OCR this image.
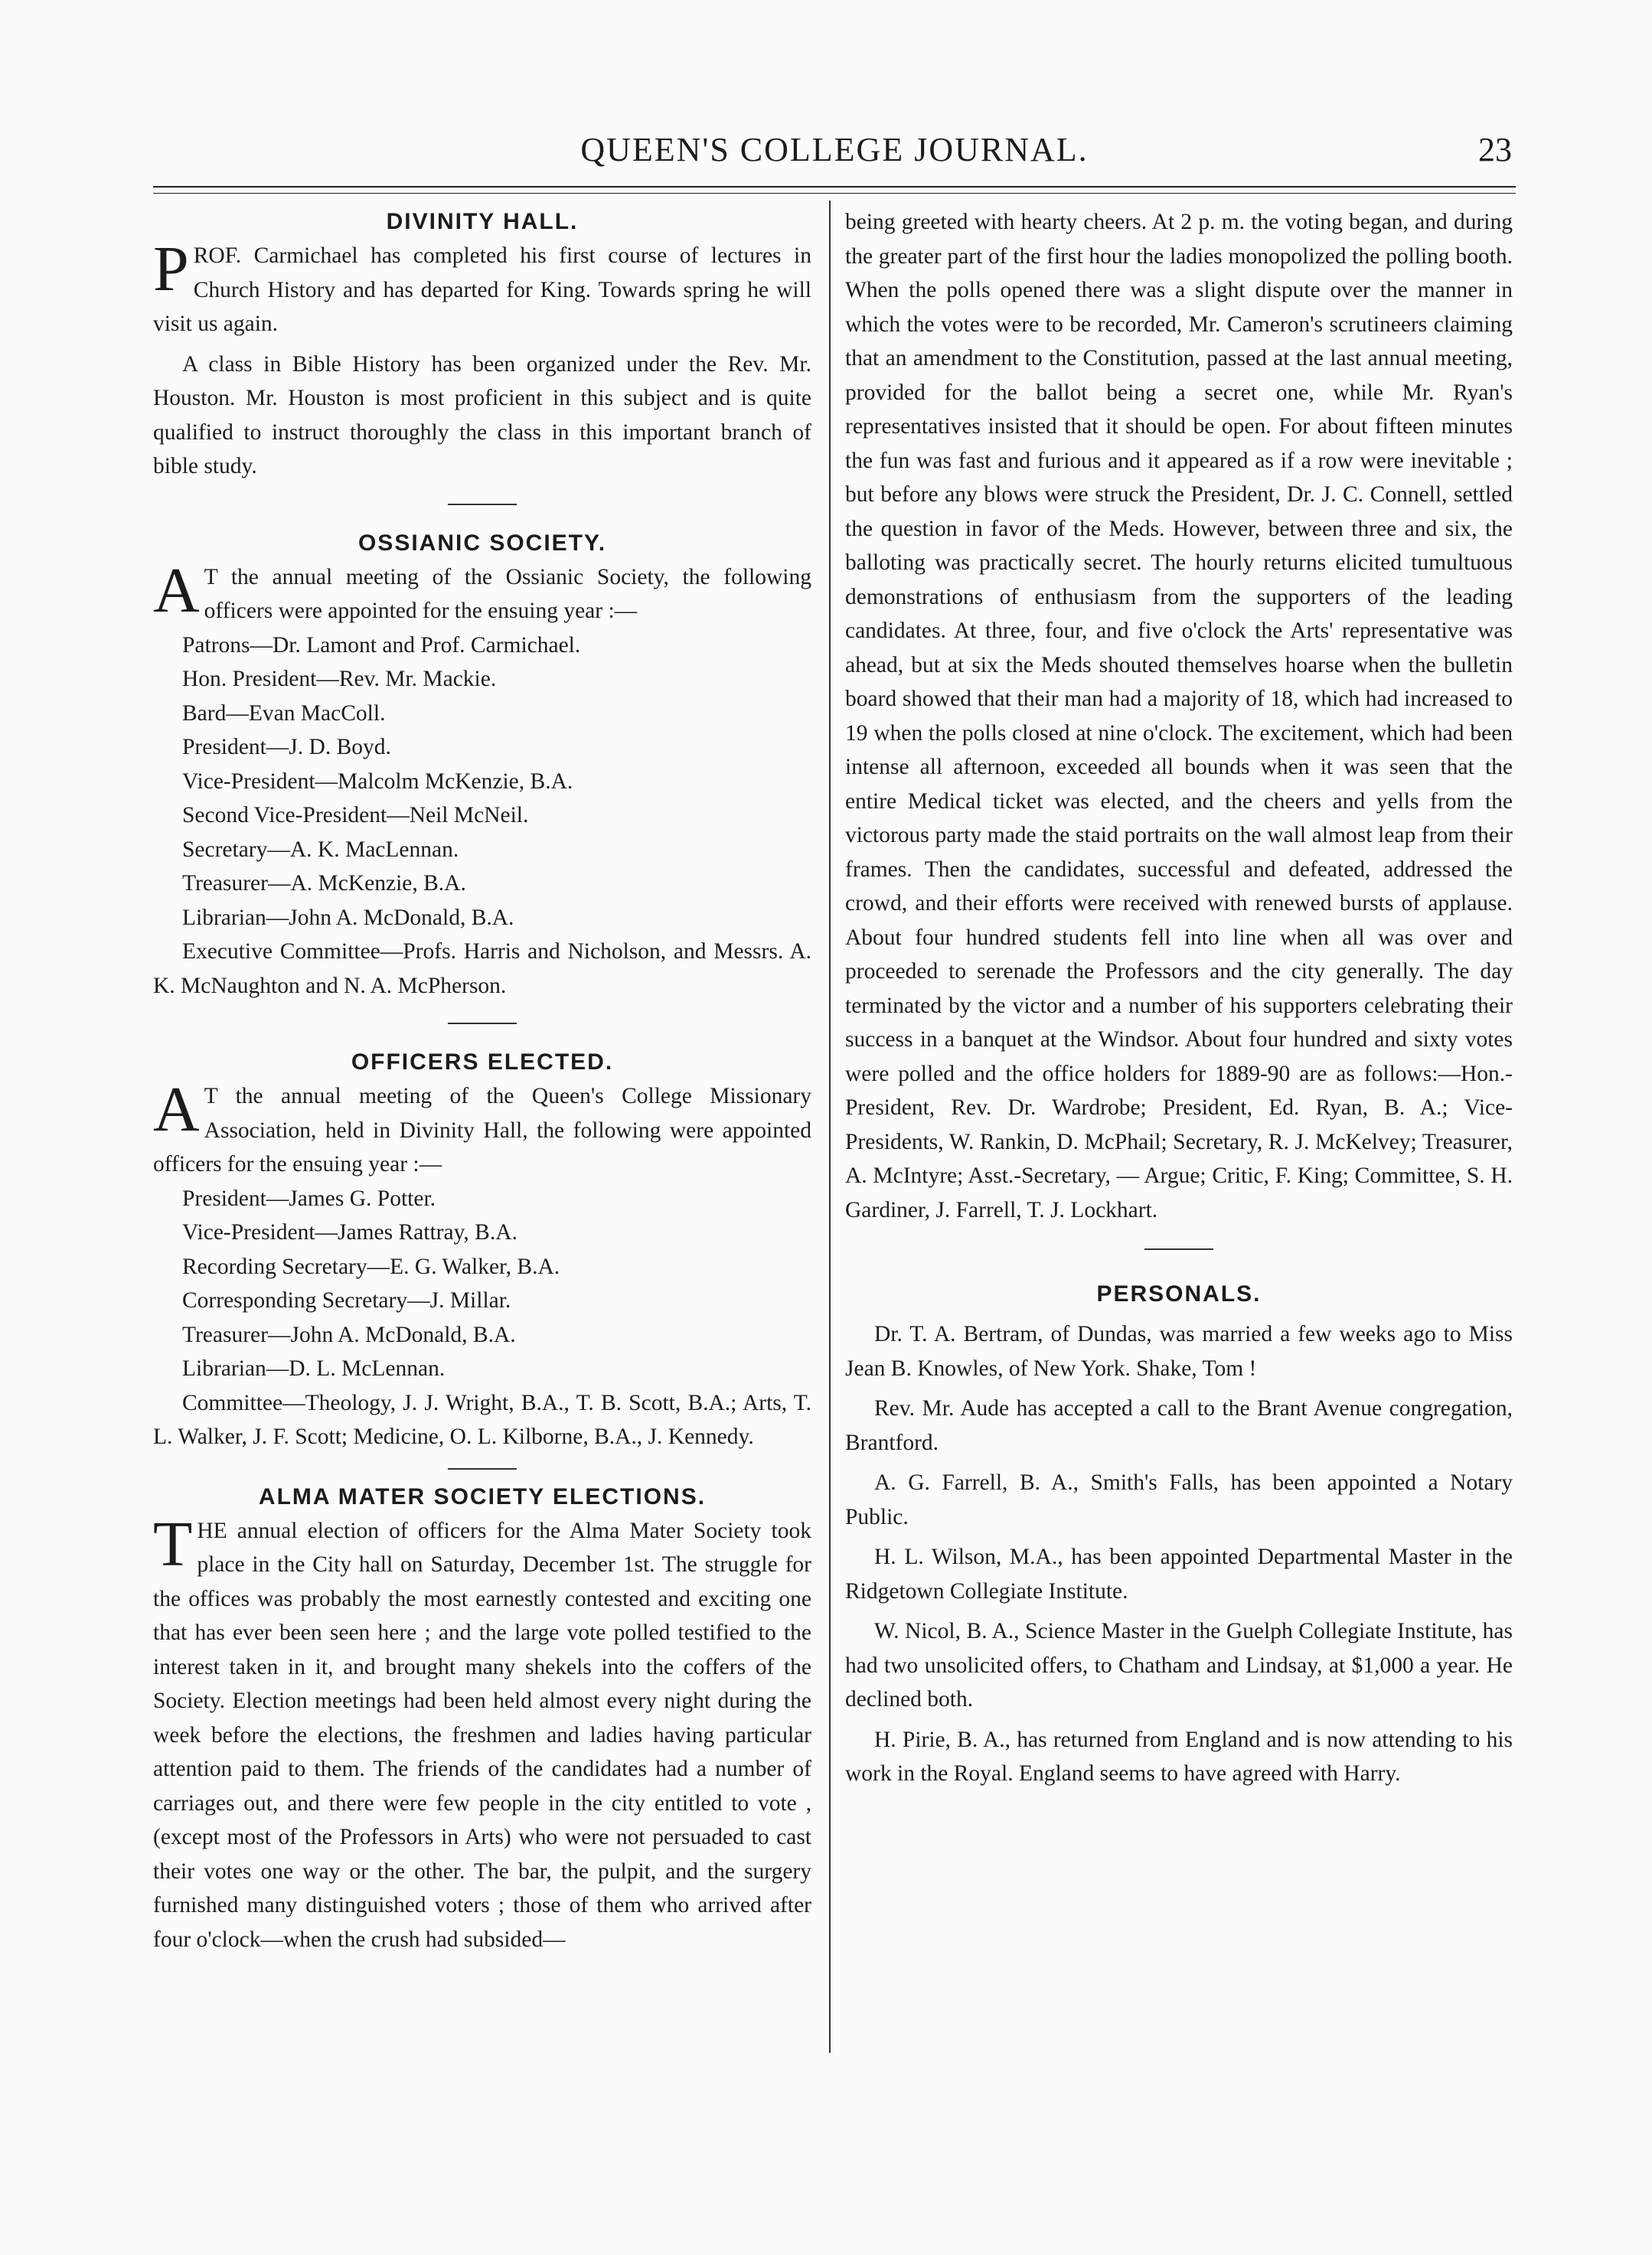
QUEEN'S COLLEGE JOURNAL.	23
DIVINITY HALL.

PROF. Carmichael has completed his first course of lectures in Church History and has departed for King. Towards spring he will visit us again.

A class in Bible History has been organized under the Rev. Mr. Houston. Mr. Houston is most proficient in this subject and is quite qualified to instruct thoroughly the class in this important branch of bible study.

OSSIANIC SOCIETY.

A T the annual meeting of the Ossianic Society, the following officers were appointed for the ensuing year :—

Patrons—Dr. Lamont and Prof. Carmichael.
Hon. President—Rev. Mr. Mackie.
Bard—Evan MacColl.
President—J. D. Boyd.
Vice-President—Malcolm McKenzie, B.A.
Second Vice-President—Neil McNeil.
Secretary—A. K. MacLennan.
Treasurer—A. McKenzie, B.A.
Librarian—John A. McDonald, B.A.
Executive Committee—Profs. Harris and Nicholson, and Messrs. A. K. McNaughton and N. A. McPherson.
OFFICERS ELECTED.

A T the annual meeting of the Queen's College Missionary Association, held in Divinity Hall, the following were appointed officers for the ensuing year :—

President—James G. Potter.
Vice-President—James Rattray, B.A.
Recording Secretary—E. G. Walker, B.A.
Corresponding Secretary—J. Millar.
Treasurer—John A. McDonald, B.A.
Librarian—D. L. McLennan.
Committee—Theology, J. J. Wright, B.A., T. B. Scott, B.A.; Arts, T. L. Walker, J. F. Scott; Medicine, O. L. Kilborne, B.A., J. Kennedy.
ALMA MATER SOCIETY ELECTIONS.

THE annual election of officers for the Alma Mater Society took place in the City hall on Saturday, December 1st. The struggle for the offices was probably the most earnestly contested and exciting one that has ever been seen here ; and the large vote polled testified to the interest taken in it, and brought many shekels into the coffers of the Society. Election meetings had been held almost every night during the week before the elections, the freshmen and ladies having particular attention paid to them. The friends of the candidates had a number of carriages out, and there were few people in the city entitled to vote , (except most of the Professors in Arts) who were not persuaded to cast their votes one way or the other. The bar, the pulpit, and the surgery furnished many distinguished voters ; those of them who arrived after four o'clock—when the crush had subsided—

being greeted with hearty cheers. At 2 p. m. the voting began, and during the greater part of the first hour the ladies monopolized the polling booth. When the polls opened there was a slight dispute over the manner in which the votes were to be recorded, Mr. Cameron's scrutineers claiming that an amendment to the Constitution, passed at the last annual meeting, provided for the ballot being a secret one, while Mr. Ryan's representatives insisted that it should be open. For about fifteen minutes the fun was fast and furious and it appeared as if a row were inevitable ; but before any blows were struck the President, Dr. J. C. Connell, settled the question in favor of the Meds. However, between three and six, the balloting was practically secret. The hourly returns elicited tumultuous demonstrations of enthusiasm from the supporters of the leading candidates. At three, four, and five o'clock the Arts' representative was ahead, but at six the Meds shouted themselves hoarse when the bulletin board showed that their man had a majority of 18, which had increased to 19 when the polls closed at nine o'clock. The excitement, which had been intense all afternoon, exceeded all bounds when it was seen that the entire Medical ticket was elected, and the cheers and yells from the victorous party made the staid portraits on the wall almost leap from their frames. Then the candidates, successful and defeated, addressed the crowd, and their efforts were received with renewed bursts of applause. About four hundred students fell into line when all was over and proceeded to serenade the Professors and the city generally. The day terminated by the victor and a number of his supporters celebrating their success in a banquet at the Windsor. About four hundred and sixty votes were polled and the office holders for 1889-90 are as follows:—Hon.-President, Rev. Dr. Wardrobe; President, Ed. Ryan, B. A.; Vice-Presidents, W. Rankin, D. McPhail; Secretary, R. J. McKelvey; Treasurer, A. McIntyre; Asst.-Secretary, — Argue; Critic, F. King; Committee, S. H. Gardiner, J. Farrell, T. J. Lockhart.

PERSONALS.

Dr. T. A. Bertram, of Dundas, was married a few weeks ago to Miss Jean B. Knowles, of New York. Shake, Tom !

Rev. Mr. Aude has accepted a call to the Brant Avenue congregation, Brantford.

A. G. Farrell, B. A., Smith's Falls, has been appointed a Notary Public.

H. L. Wilson, M.A., has been appointed Departmental Master in the Ridgetown Collegiate Institute.

W. Nicol, B. A., Science Master in the Guelph Collegiate Institute, has had two unsolicited offers, to Chatham and Lindsay, at $1,000 a year. He declined both.

H. Pirie, B. A., has returned from England and is now attending to his work in the Royal. England seems to have agreed with Harry.
